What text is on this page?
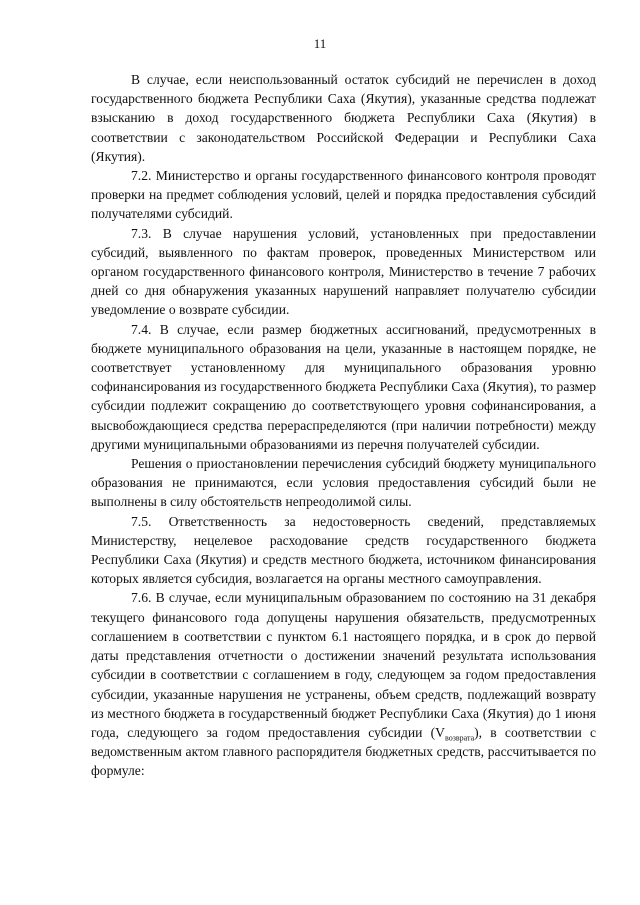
11

В случае, если неиспользованный остаток субсидий не перечислен в доход государственного бюджета Республики Саха (Якутия), указанные средства подлежат взысканию в доход государственного бюджета Республики Саха (Якутия) в соответствии с законодательством Российской Федерации и Республики Саха (Якутия).

7.2. Министерство и органы государственного финансового контроля проводят проверки на предмет соблюдения условий, целей и порядка предоставления субсидий получателями субсидий.

7.3. В случае нарушения условий, установленных при предоставлении субсидий, выявленного по фактам проверок, проведенных Министерством или органом государственного финансового контроля, Министерство в течение 7 рабочих дней со дня обнаружения указанных нарушений направляет получателю субсидии уведомление о возврате субсидии.

7.4. В случае, если размер бюджетных ассигнований, предусмотренных в бюджете муниципального образования на цели, указанные в настоящем порядке, не соответствует установленному для муниципального образования уровню софинансирования из государственного бюджета Республики Саха (Якутия), то размер субсидии подлежит сокращению до соответствующего уровня софинансирования, а высвобождающиеся средства перераспределяются (при наличии потребности) между другими муниципальными образованиями из перечня получателей субсидии.

Решения о приостановлении перечисления субсидий бюджету муниципального образования не принимаются, если условия предоставления субсидий были не выполнены в силу обстоятельств непреодолимой силы.

7.5. Ответственность за недостоверность сведений, представляемых Министерству, нецелевое расходование средств государственного бюджета Республики Саха (Якутия) и средств местного бюджета, источником финансирования которых является субсидия, возлагается на органы местного самоуправления.

7.6. В случае, если муниципальным образованием по состоянию на 31 декабря текущего финансового года допущены нарушения обязательств, предусмотренных соглашением в соответствии с пунктом 6.1 настоящего порядка, и в срок до первой даты представления отчетности о достижении значений результата использования субсидии в соответствии с соглашением в году, следующем за годом предоставления субсидии, указанные нарушения не устранены, объем средств, подлежащий возврату из местного бюджета в государственный бюджет Республики Саха (Якутия) до 1 июня года, следующего за годом предоставления субсидии $(V_{возврата})$, в соответствии с ведомственным актом главного распорядителя бюджетных средств, рассчитывается по формуле:
